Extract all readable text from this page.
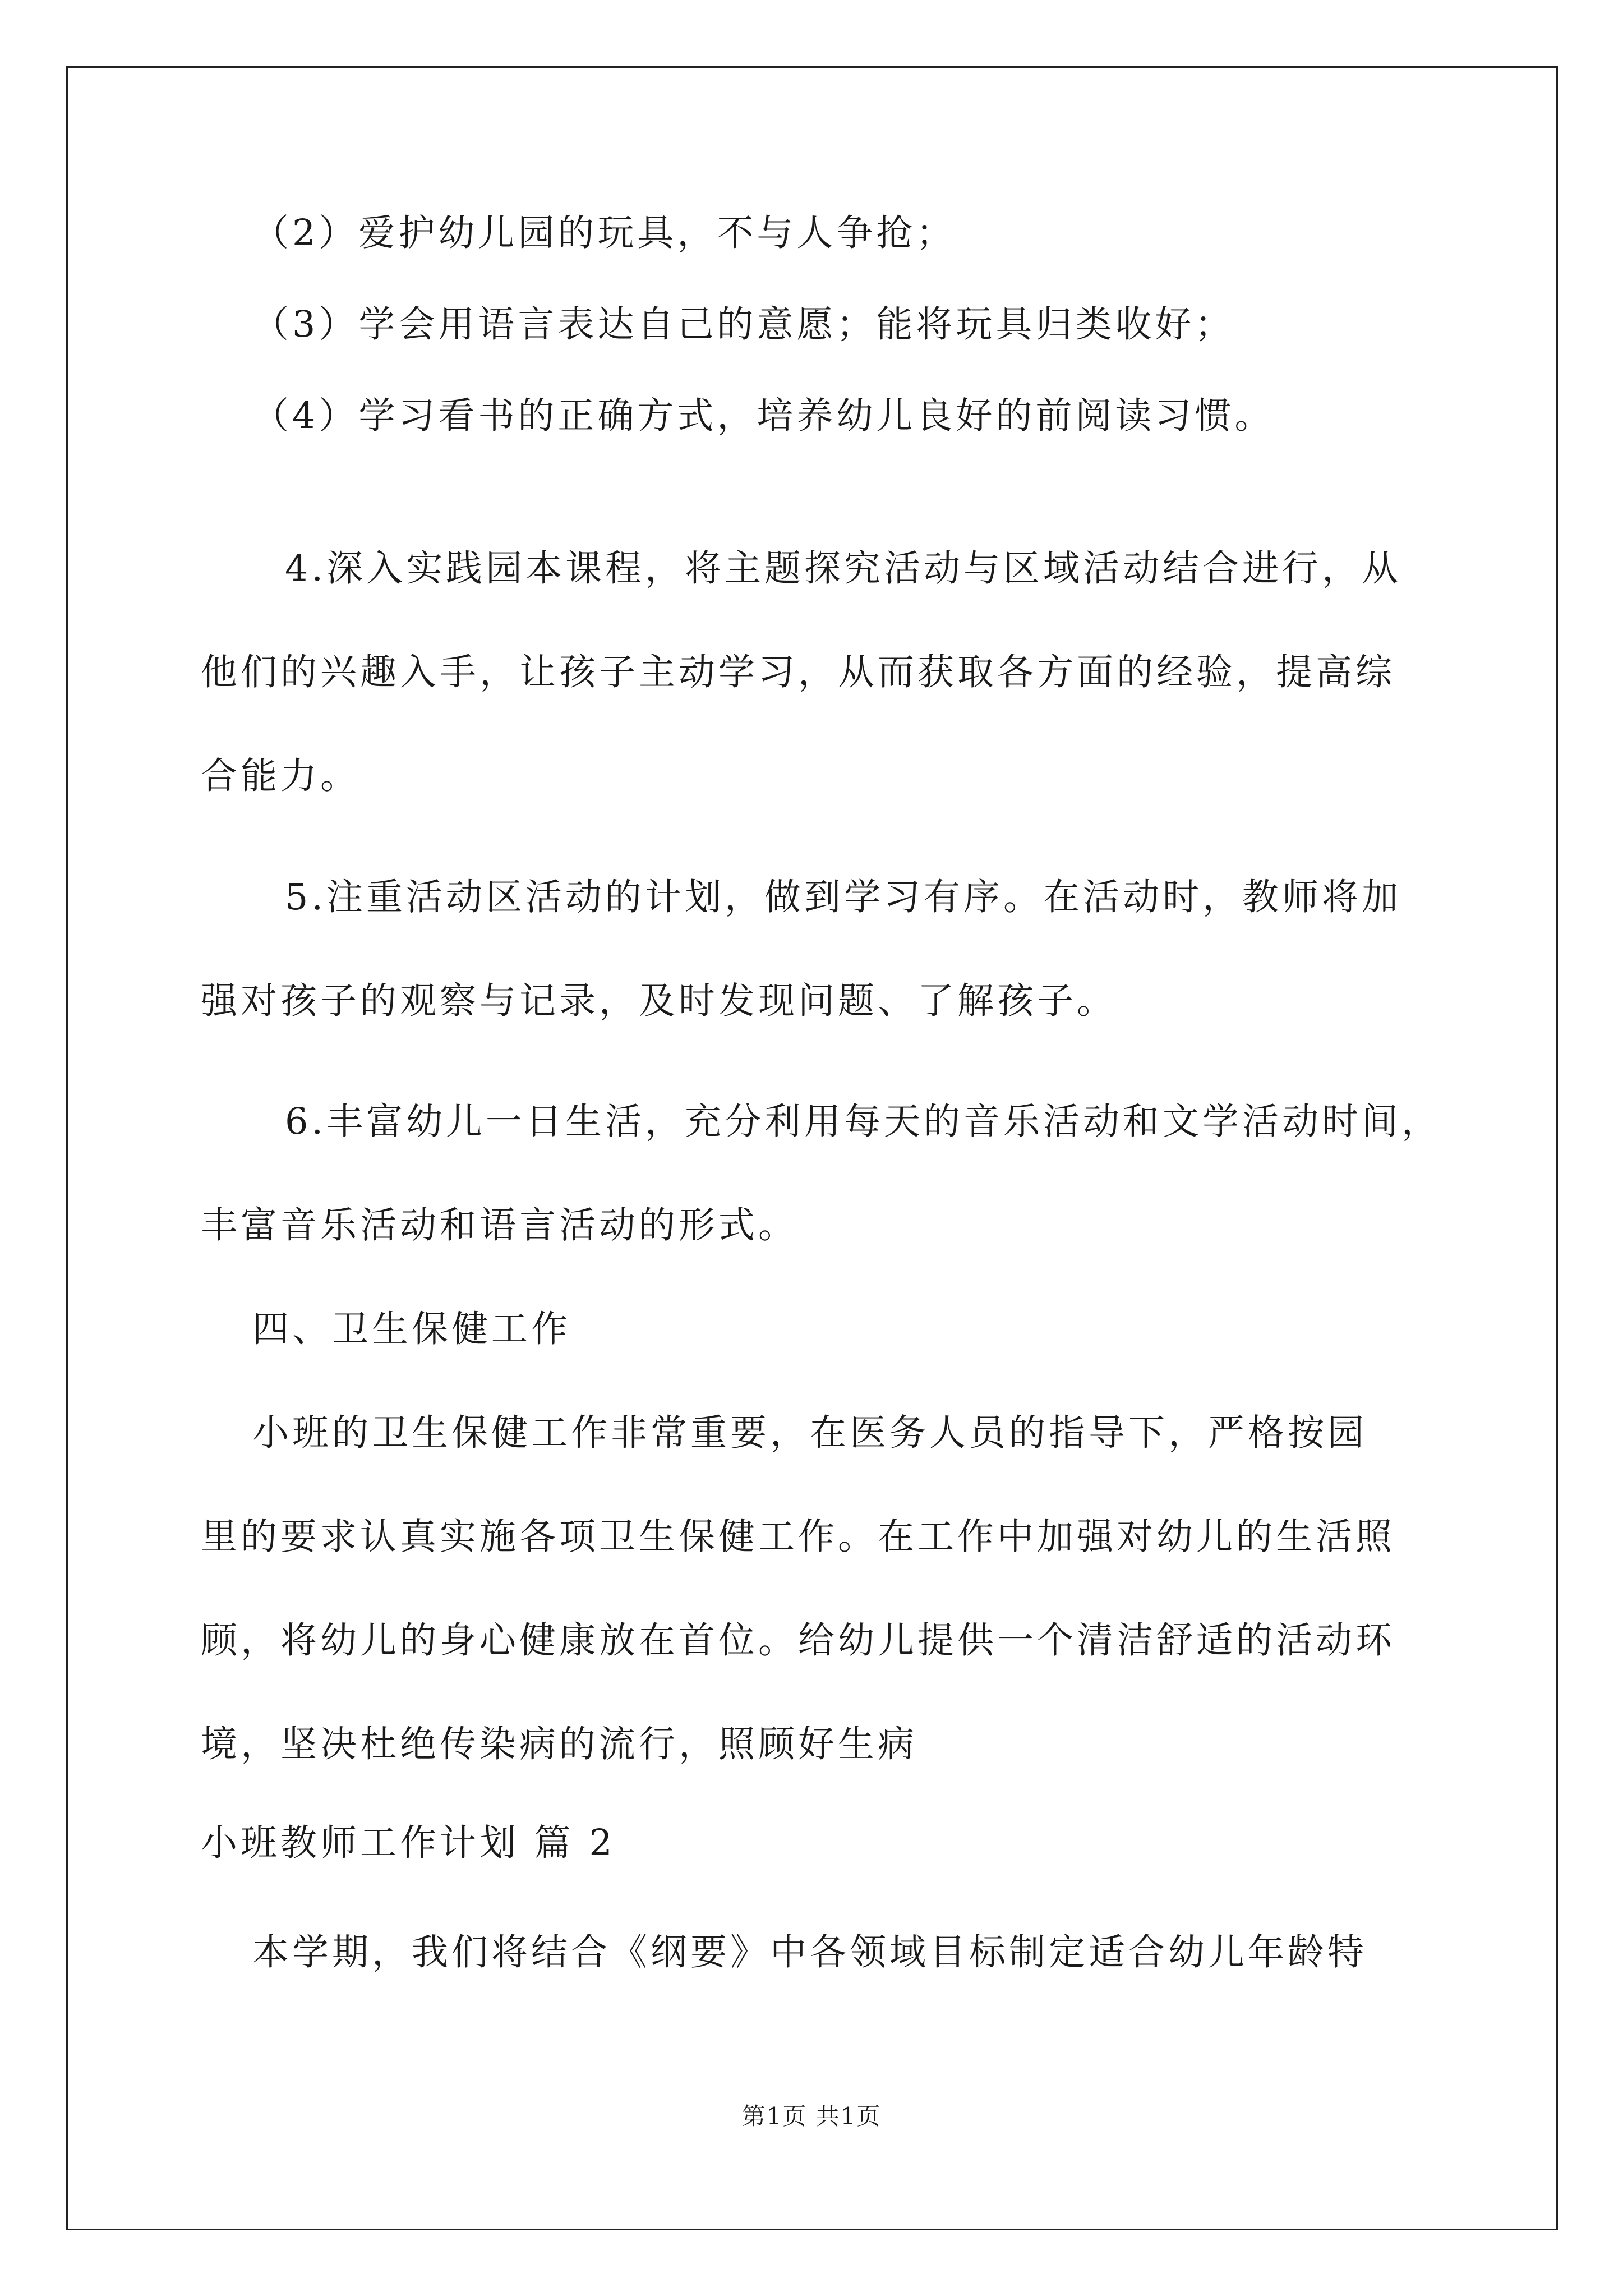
（2）爱护幼儿园的玩具，不与人争抢；
（3）学会用语言表达自己的意愿；能将玩具归类收好；
（4）学习看书的正确方式，培养幼儿良好的前阅读习惯。
4.深入实践园本课程，将主题探究活动与区域活动结合进行，从
他们的兴趣入手，让孩子主动学习，从而获取各方面的经验，提高综
合能力。
5.注重活动区活动的计划，做到学习有序。在活动时，教师将加
强对孩子的观察与记录，及时发现问题、了解孩子。
6.丰富幼儿一日生活，充分利用每天的音乐活动和文学活动时间，
丰富音乐活动和语言活动的形式。
四、卫生保健工作
小班的卫生保健工作非常重要，在医务人员的指导下，严格按园
里的要求认真实施各项卫生保健工作。在工作中加强对幼儿的生活照
顾，将幼儿的身心健康放在首位。给幼儿提供一个清洁舒适的活动环
境，坚决杜绝传染病的流行，照顾好生病
小班教师工作计划 篇 2
本学期，我们将结合《纲要》中各领域目标制定适合幼儿年龄特
第1页 共1页
